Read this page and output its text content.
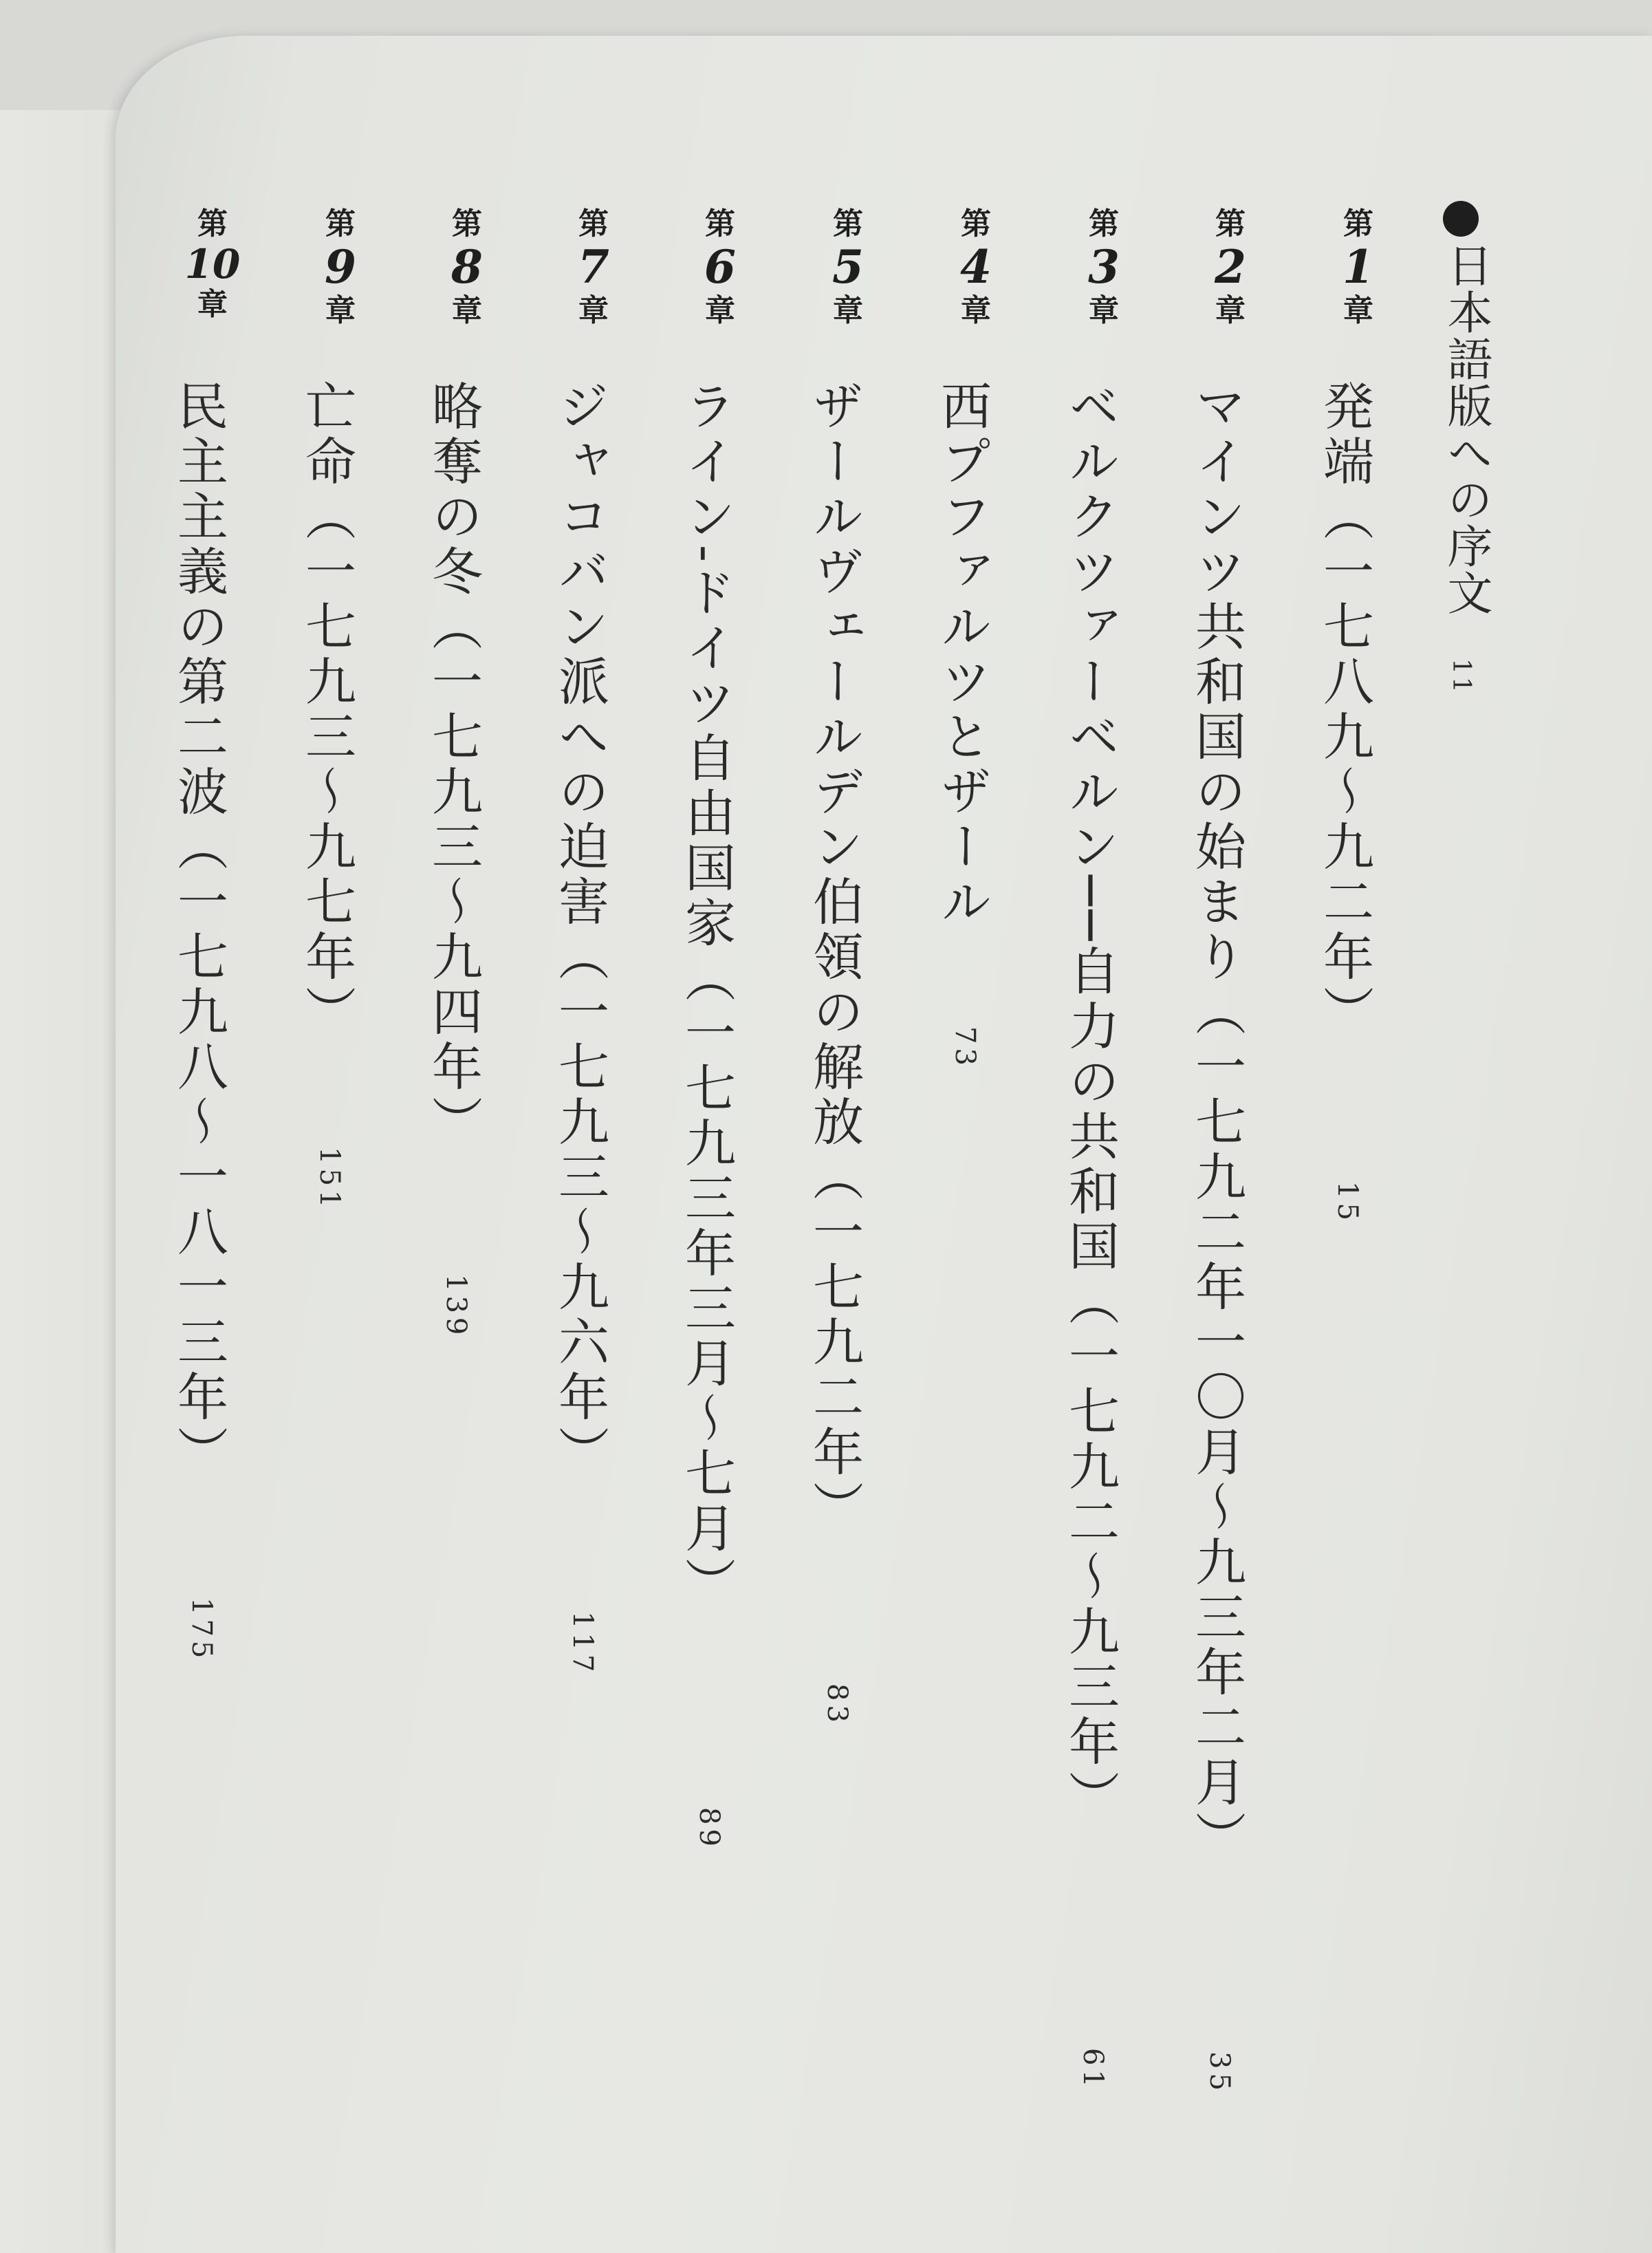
日本語版への序文

11

第
1
章

発端（一七八九〜九二年）

15

第
2
章

マインツ共和国の始まり（一七九二年一〇月〜九三年二月）

35

第
3
章

ベルクツァーベルン──自力の共和国（一七九二〜九三年）

61

第
4
章

西プファルツとザール

73

第
5
章

ザールヴェールデン伯領の解放（一七九二年）

83

第
6
章

ライン-ドイツ自由国家（一七九三年三月〜七月）

89

第
7
章

ジャコバン派への迫害（一七九三〜九六年）

117

第
8
章

略奪の冬（一七九三〜九四年）

139

第
9
章

亡命（一七九三〜九七年）

151

第
10
章

民主主義の第二波（一七九八〜一八一三年）

175
